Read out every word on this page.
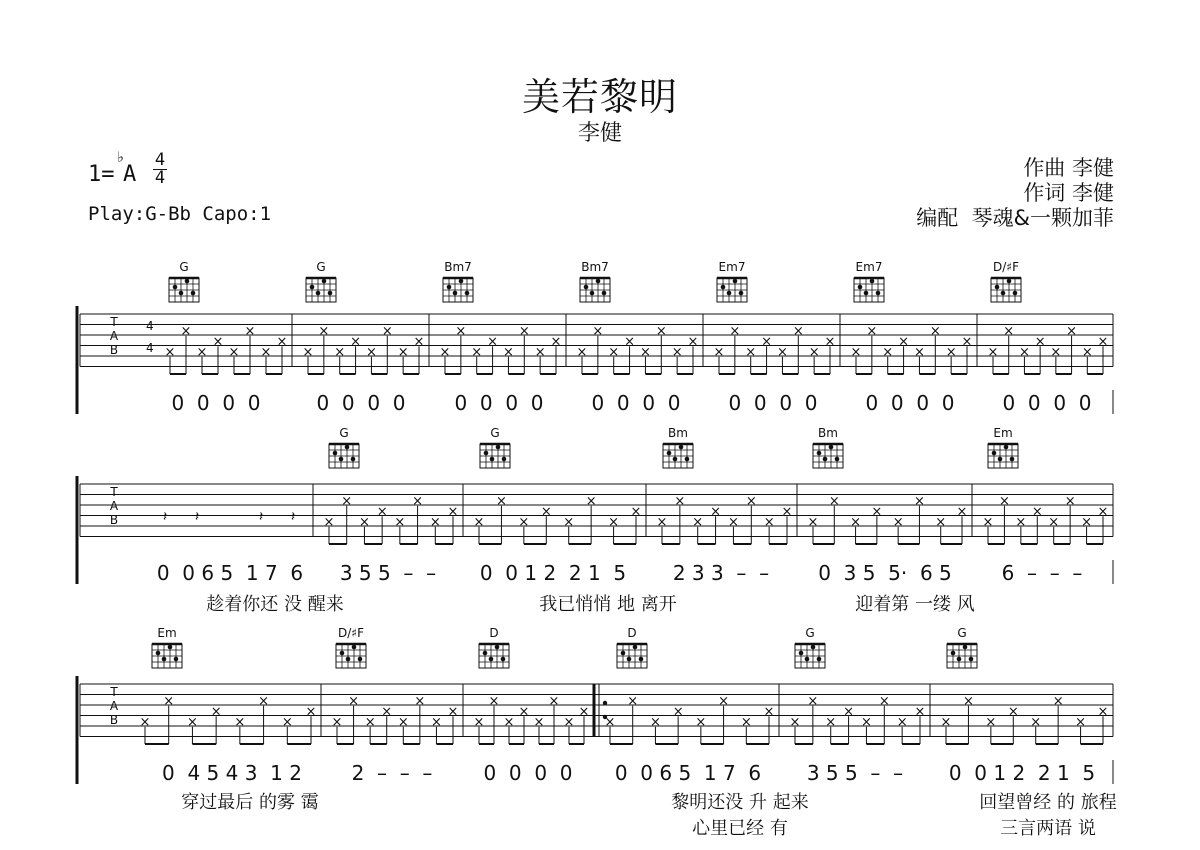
美若黎明
李健
作曲 李健
作词 李健
编配  琴魂&一颗加菲
1=
♭
A $\frac{4}{4}$
Play:G-Bb Capo:1
T
A
B
4
4 ×
×
×
×
×
×
×
×
×
×
×
×
×
×
×
×
×
×
×
×
×
×
×
×
×
×
×
×
×
×
×
×
×
×
×
×
×
×
×
×
×
×
×
×
×
×
×
×
×
×
×
×
×
×
×
×
G	G	Bm7	Bm7	Em7	Em7	D/♯F
0  0  0  0	0  0  0  0 0  0  0  0 0  0  0  0 0  0  0  0 0  0  0  0 0  0  0  0
T
A
B	𝄽 𝄽	𝄽 𝄽 ×
×
×
×
×
×
×
×
×
×
×
×
×
×
×
×
×
×
×
×
×
×
×
×
×
×
×
×
×
×
×
×
×
×
×
×
×
×
×
×
G	G	Bm	Bm	Em
0  0 6 5  1 7  6 3 5 5  –  – 0  0 1 2  2 1  5 2 3 3  –  – 0  3 5  5·  6 5 6  –  –  –
趁着你还 没 醒来	我已悄悄 地 离开	迎着第 一缕 风
T
A
B ×
×
×
×
×
×
×
×
×
×
×
×
×
×
×
×
×
×
×
×
×
×
×
×
×
×
×
×
×
×
×
×
×
×
×
×
×
×
×
×
×
×
×
×
×
×
×
×
Em	D/♯F	D	D	G	G
0  4 5 4 3  1 2 2  –  –  –	0  0  0  0 0  0 6 5  1 7  6 3 5 5  –  – 0  0 1 2  2 1  5
穿过最后 的雾 霭	黎明还没 升 起来	回望曾经 的 旅程
心里已经 有	三言两语 说
